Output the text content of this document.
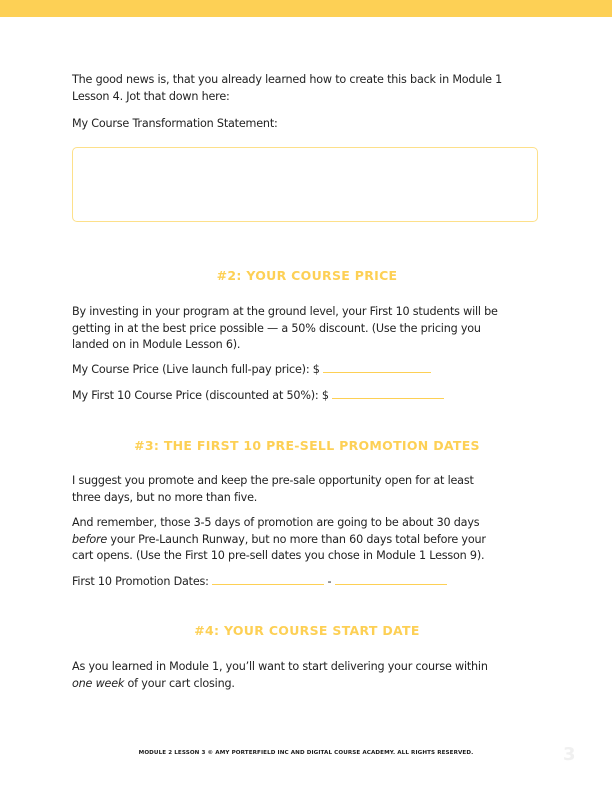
The good news is, that you already learned how to create this back in Module 1

Lesson 4. Jot that down here:

My Course Transformation Statement:

#2: YOUR COURSE PRICE

By investing in your program at the ground level, your First 10 students will be

getting in at the best price possible — a 50% discount. (Use the pricing you

landed on in Module Lesson 6).

My Course Price (Live launch full-pay price): $

My First 10 Course Price (discounted at 50%): $

#3: THE FIRST 10 PRE-SELL PROMOTION DATES

I suggest you promote and keep the pre-sale opportunity open for at least

three days, but no more than five.

And remember, those 3-5 days of promotion are going to be about 30 days

before your Pre-Launch Runway, but no more than 60 days total before your

cart opens. (Use the First 10 pre-sell dates you chose in Module 1 Lesson 9).

First 10 Promotion Dates:	-

#4: YOUR COURSE START DATE

As you learned in Module 1, you’ll want to start delivering your course within

one week of your cart closing.

MODULE 2 LESSON 3 © AMY PORTERFIELD INC AND DIGITAL COURSE ACADEMY. ALL RIGHTS RESERVED.	3
